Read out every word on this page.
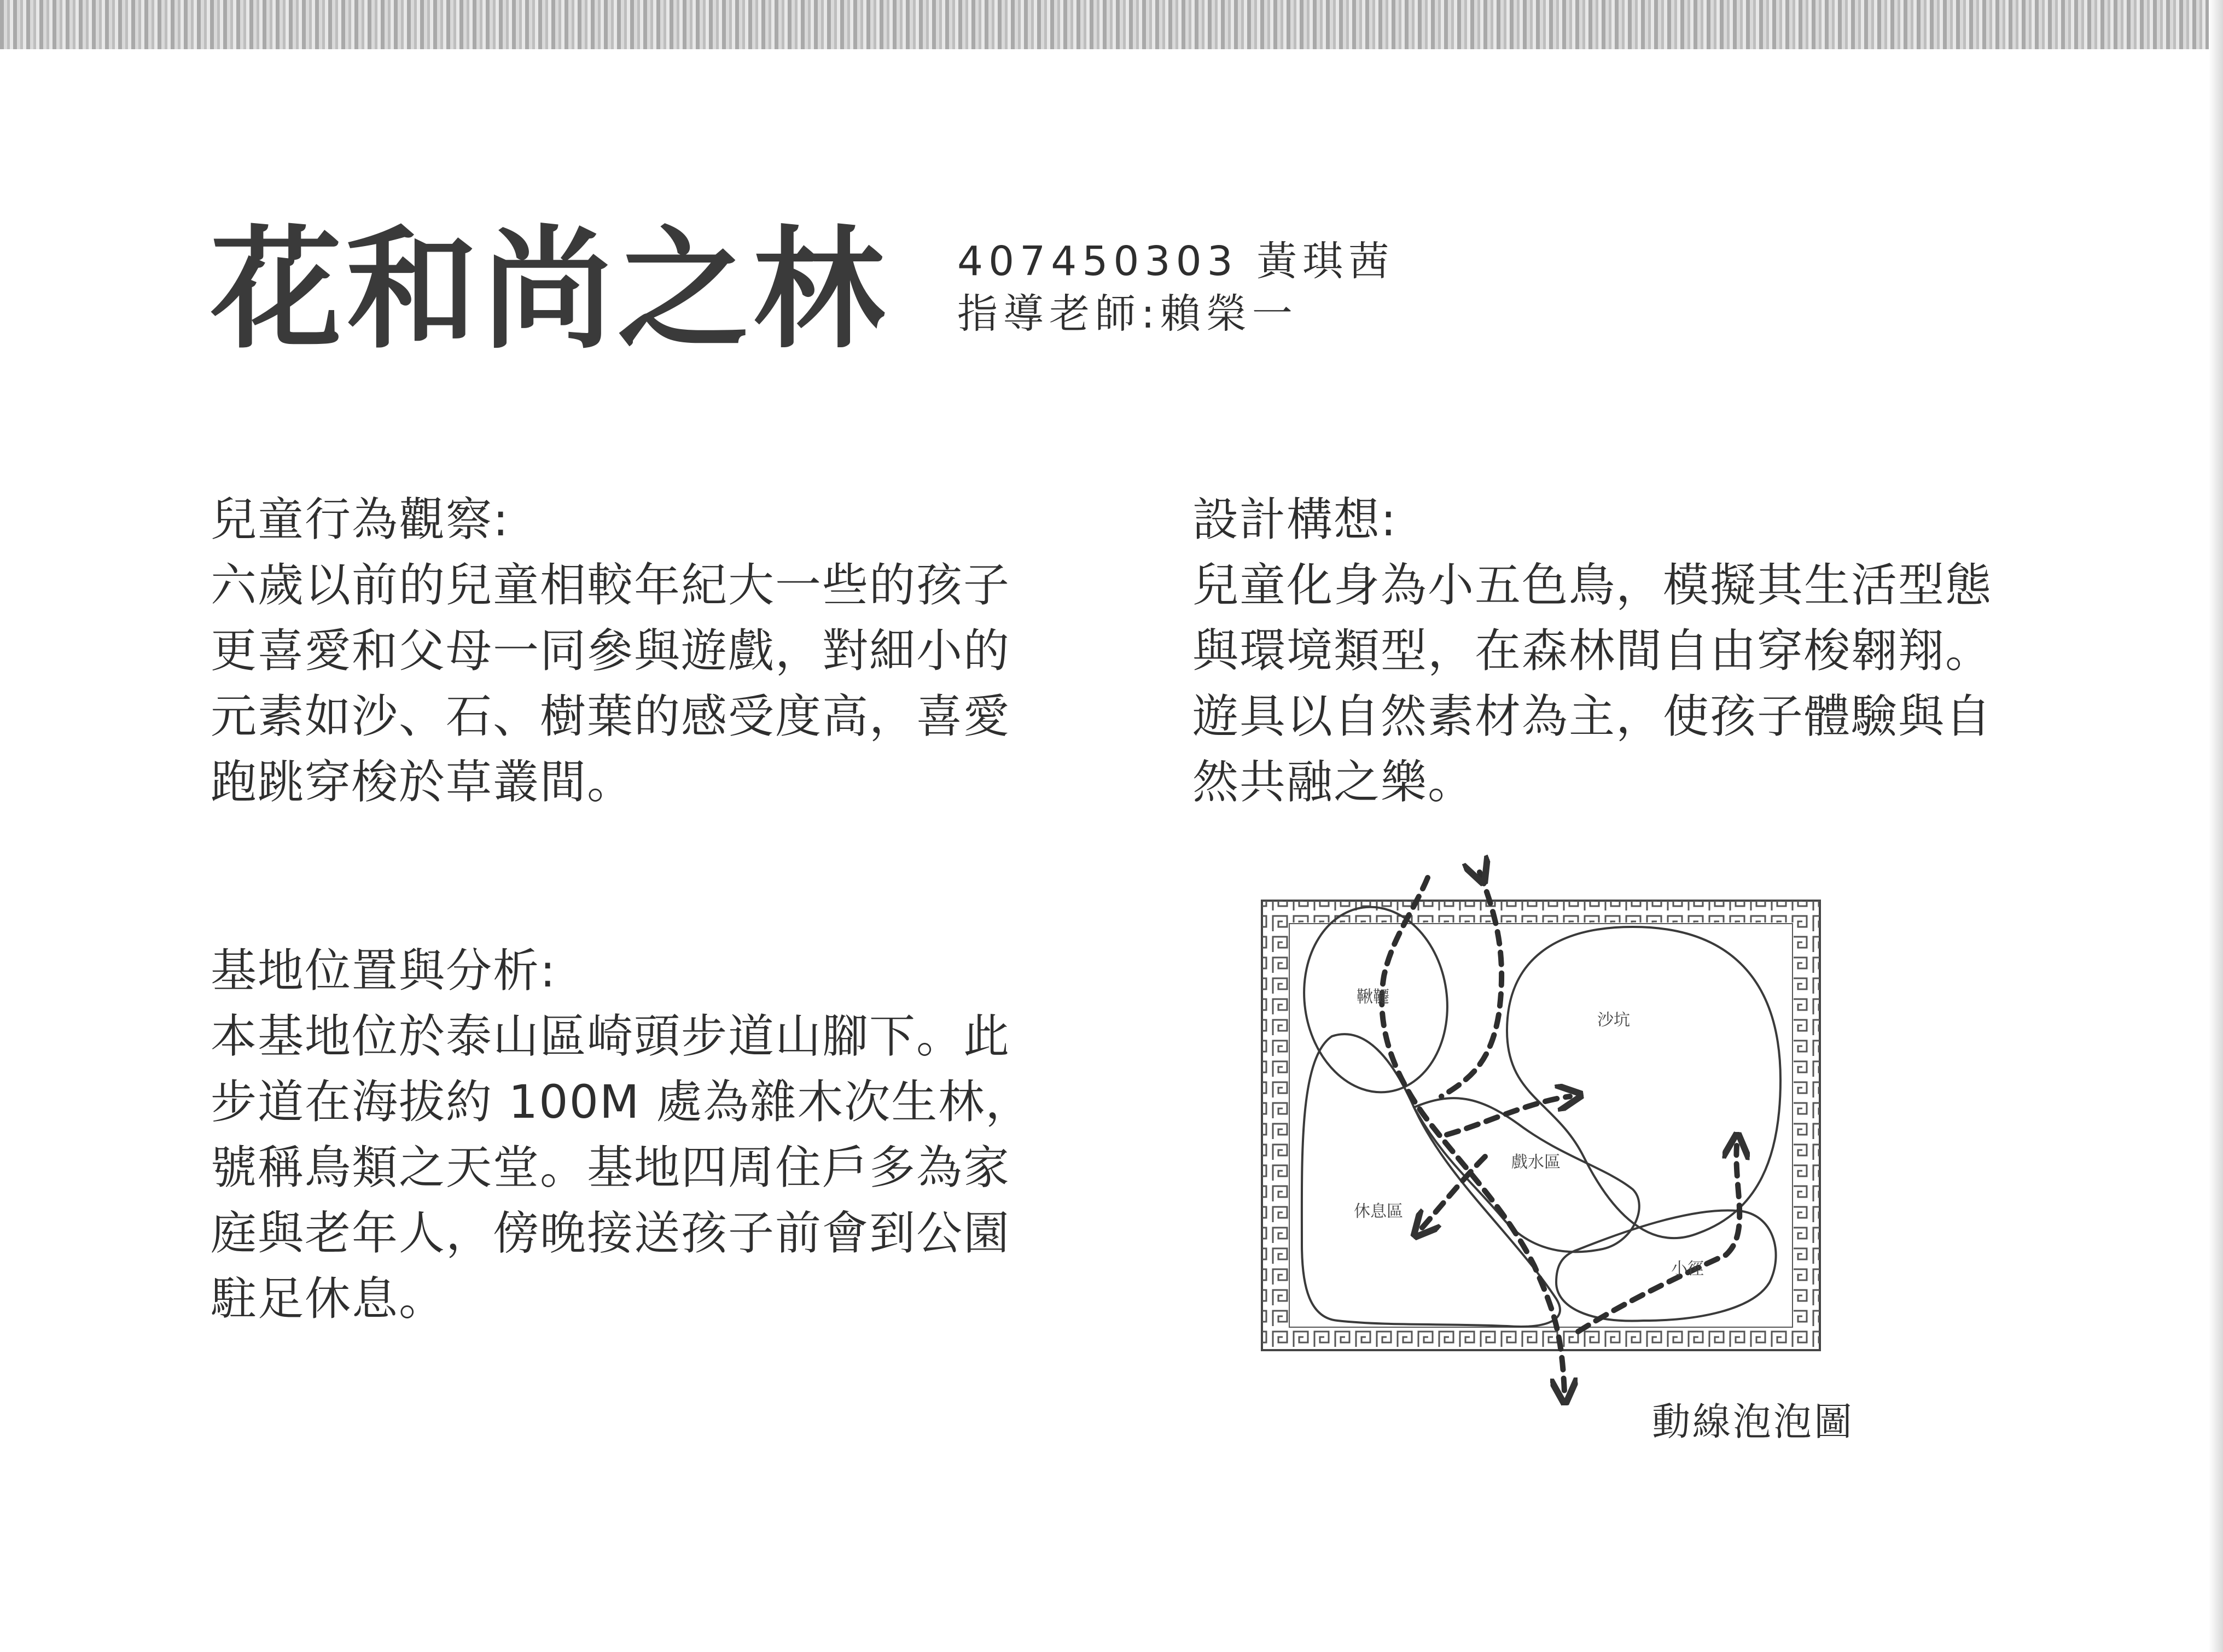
花和尚之林 407450303 黃琪茜
指導老師:賴榮一
兒童行為觀察:
六歲以前的兒童相較年紀大一些的孩子
更喜愛和父母一同參與遊戲，對細小的
元素如沙、石、樹葉的感受度高，喜愛
跑跳穿梭於草叢間。
設計構想:
兒童化身為小五色鳥，模擬其生活型態
與環境類型，在森林間自由穿梭翱翔。
遊具以自然素材為主，使孩子體驗與自
然共融之樂。
基地位置與分析:
本基地位於泰山區崎頭步道山腳下。此
步道在海拔約 100M 處為雜木次生林，
號稱鳥類之天堂。基地四周住戶多為家
庭與老年人，傍晚接送孩子前會到公園
駐足休息。
鞦韆
沙坑
戲水區
休息區
小徑
動線泡泡圖
